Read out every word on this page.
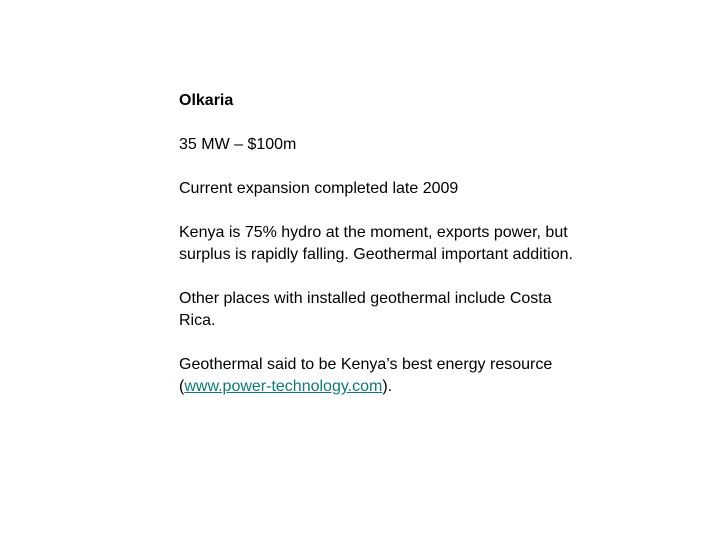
Olkaria

35 MW – $100m

Current expansion completed late 2009

Kenya is 75% hydro at the moment, exports power, but surplus is rapidly falling. Geothermal important addition.

Other places with installed geothermal include Costa Rica.

Geothermal said to be Kenya’s best energy resource (www.power-technology.com).
